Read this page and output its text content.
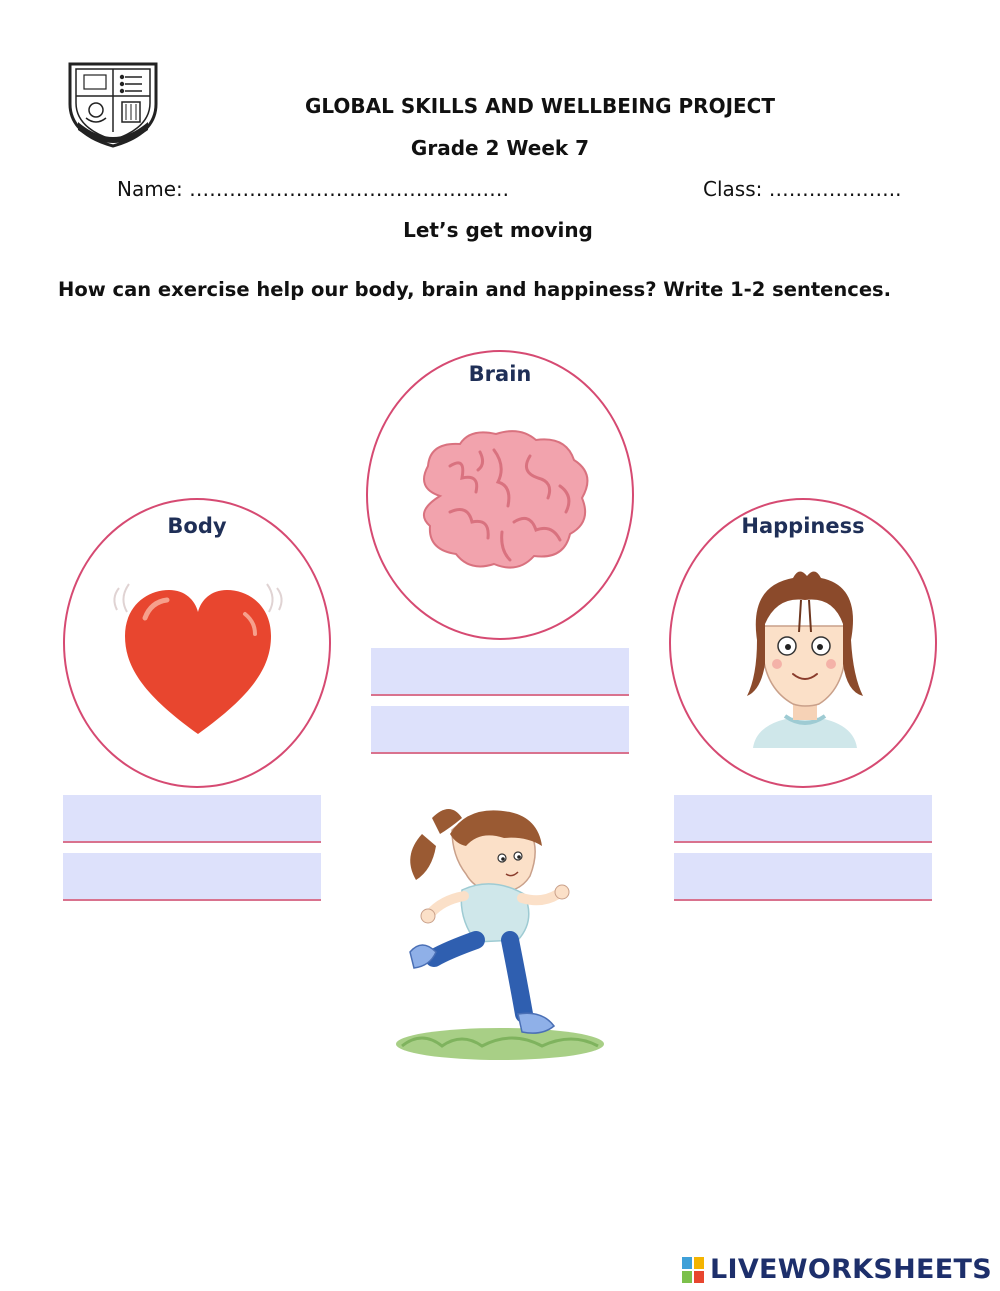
GLOBAL SKILLS AND WELLBEING PROJECT
Grade 2 Week 7
Name: …………………………………………	Class: ………………..
Let’s get moving
How can exercise help our body, brain and happiness? Write 1-2 sentences.
Body
Brain
Happiness
LIVEWORKSHEETS
